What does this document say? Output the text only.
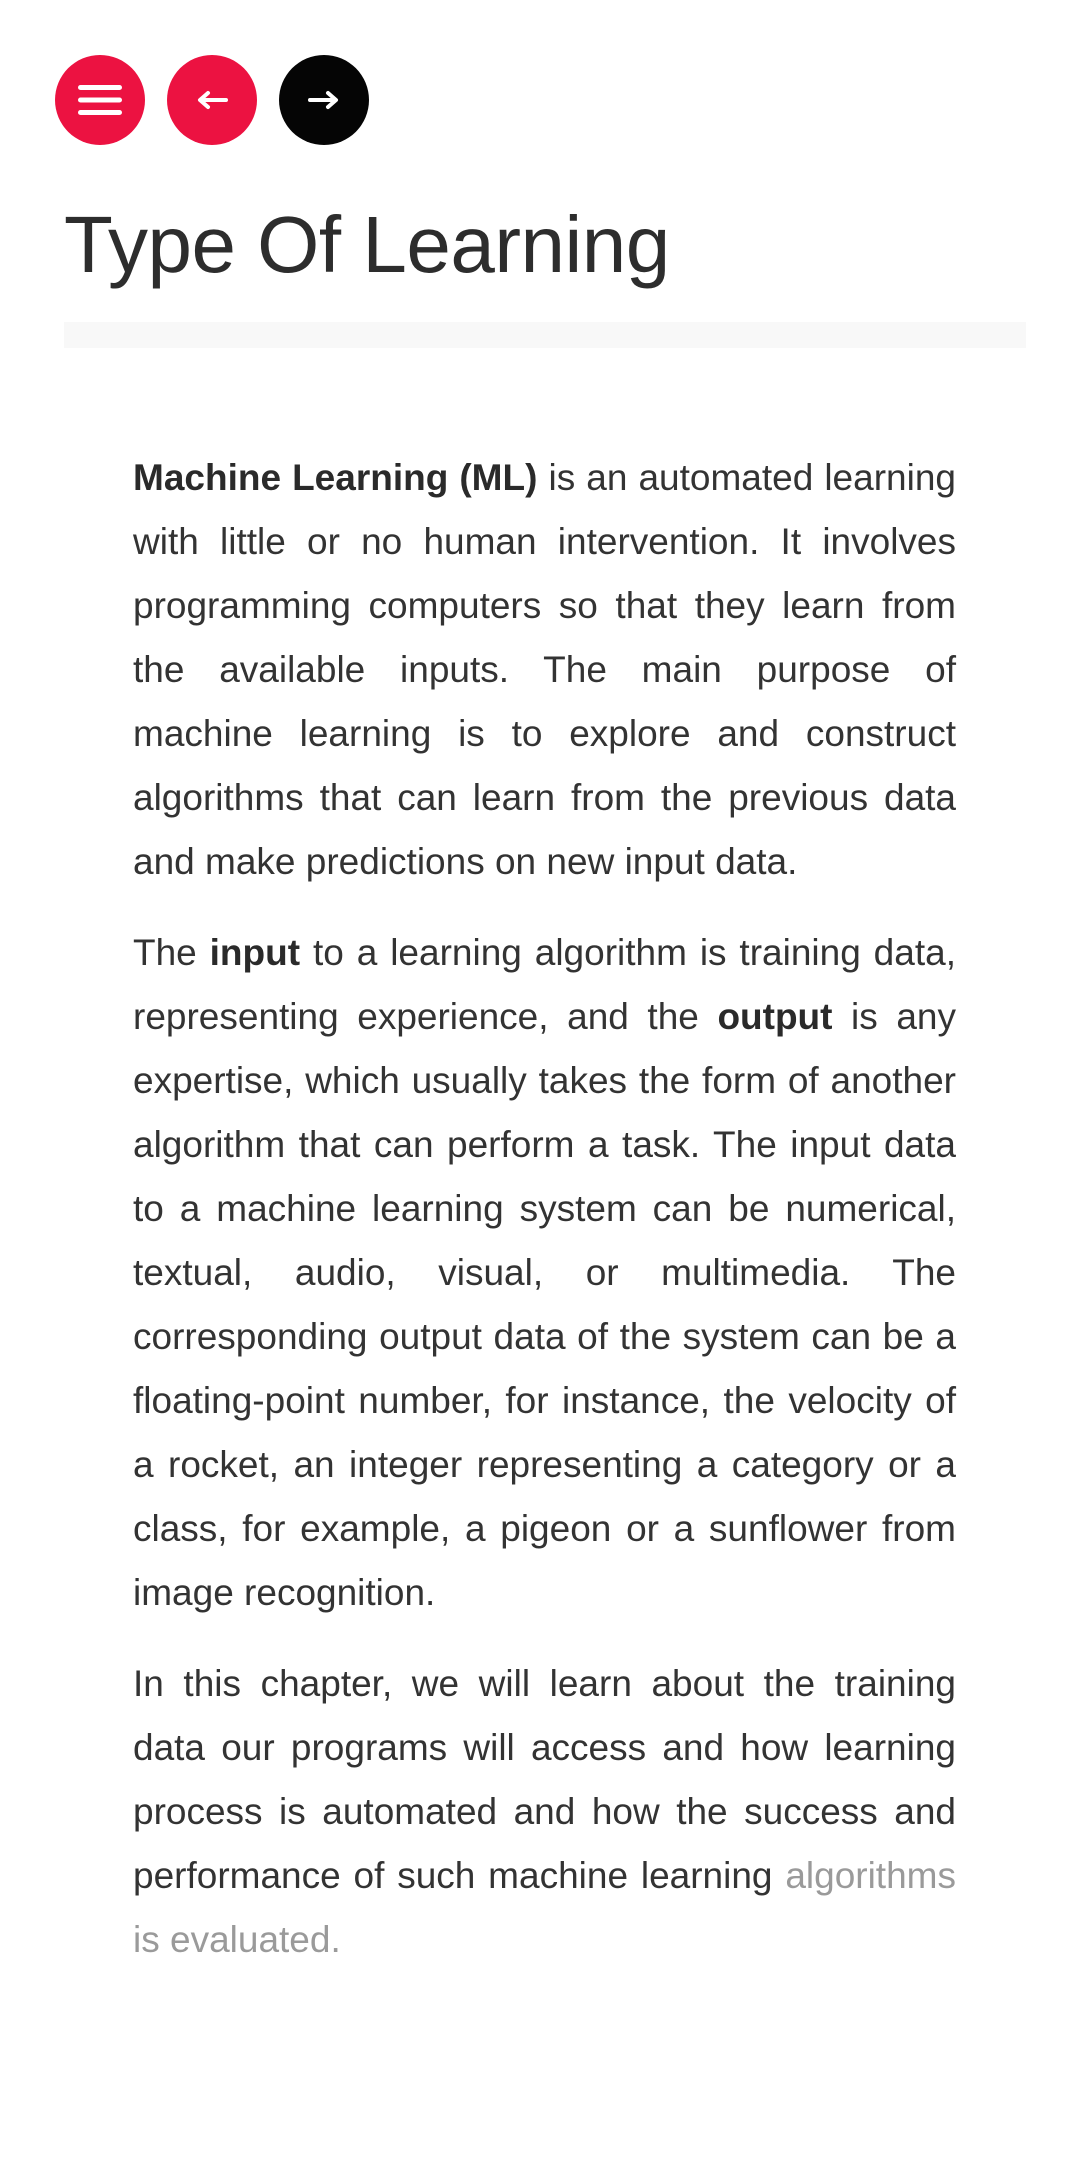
Type Of Learning

Machine Learning (ML) is an automated learning with little or no human intervention. It involves programming computers so that they learn from the available inputs. The main purpose of machine learning is to explore and construct algorithms that can learn from the previous data and make predictions on new input data.

The input to a learning algorithm is training data, representing experience, and the output is any expertise, which usually takes the form of another algorithm that can perform a task. The input data to a machine learning system can be numerical, textual, audio, visual, or multimedia. The corresponding output data of the system can be a floating-point number, for instance, the velocity of a rocket, an integer representing a category or a class, for example, a pigeon or a sunflower from image recognition.

In this chapter, we will learn about the training data our programs will access and how learning process is automated and how the success and performance of such machine learning algorithms is evaluated.
